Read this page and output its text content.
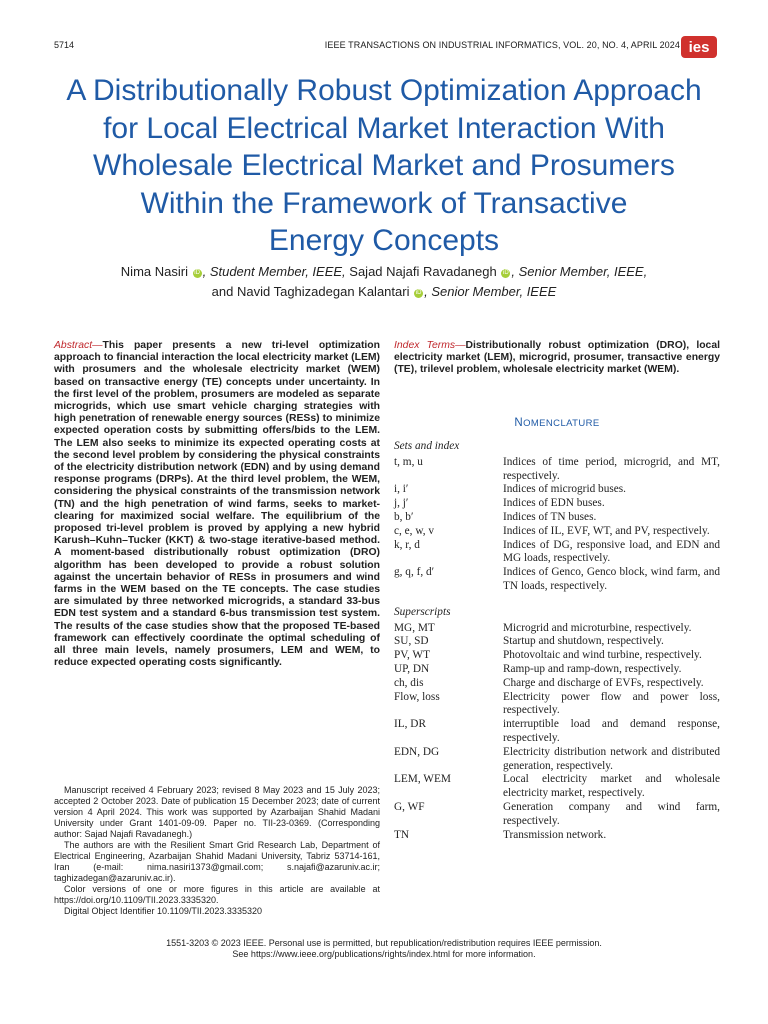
5714	IEEE TRANSACTIONS ON INDUSTRIAL INFORMATICS, VOL. 20, NO. 4, APRIL 2024 ies
A Distributionally Robust Optimization Approach
for Local Electrical Market Interaction With
Wholesale Electrical Market and Prosumers
Within the Framework of Transactive
Energy Concepts
Nima Nasiri iD , Student Member, IEEE, Sajad Najafi Ravadanegh iD , Senior Member, IEEE,
and Navid Taghizadegan Kalantari iD , Senior Member, IEEE
Abstract—This paper presents a new tri-level optimization approach to financial interaction the local electricity market (LEM) with prosumers and the wholesale electricity market (WEM) based on transactive energy (TE) concepts under uncertainty. In the first level of the problem, prosumers are modeled as separate microgrids, which use smart vehicle charging strategies with high penetration of renewable energy sources (RESs) to minimize expected operation costs by submitting offers/bids to the LEM. The LEM also seeks to minimize its expected operating costs at the second level problem by considering the physical constraints of the electricity distribution network (EDN) and by using demand response programs (DRPs). At the third level problem, the WEM, considering the physical constraints of the transmission network (TN) and the high penetration of wind farms, seeks to market-clearing for maximized social welfare. The equilibrium of the proposed tri-level problem is proved by applying a new hybrid Karush–Kuhn–Tucker (KKT) & two-stage iterative-based method. A moment-based distributionally robust optimization (DRO) algorithm has been developed to provide a robust solution against the uncertain behavior of RESs in prosumers and wind farms in the WEM based on the TE concepts. The case studies are simulated by three networked microgrids, a standard 33-bus EDN test system and a standard 6-bus transmission test system. The results of the case studies show that the proposed TE-based framework can effectively coordinate the optimal scheduling of all three main levels, namely prosumers, LEM and WEM, to reduce expected operating costs significantly.

Manuscript received 4 February 2023; revised 8 May 2023 and 15 July 2023; accepted 2 October 2023. Date of publication 15 December 2023; date of current version 4 April 2024. This work was supported by Azarbaijan Shahid Madani University under Grant 1401-09-09. Paper no. TII-23-0369. (Corresponding author: Sajad Najafi Ravadanegh.)

The authors are with the Resilient Smart Grid Research Lab, Department of Electrical Engineering, Azarbaijan Shahid Madani University, Tabriz 53714-161, Iran (e-mail: nima.nasiri1373@gmail.com; s.najafi@azaruniv.ac.ir; taghizadegan@azaruniv.ac.ir).

Color versions of one or more figures in this article are available at https://doi.org/10.1109/TII.2023.3335320.

Digital Object Identifier 10.1109/TII.2023.3335320

Index Terms—Distributionally robust optimization (DRO), local electricity market (LEM), microgrid, prosumer, transactive energy (TE), trilevel problem, wholesale electricity market (WEM).
NOMENCLATURE
Sets and index
t, m, u	Indices of time period, microgrid, and MT, respectively.
i, i′	Indices of microgrid buses.
j, j′	Indices of EDN buses.
b, b′	Indices of TN buses.
c, e, w, v	Indices of IL, EVF, WT, and PV, respectively.
k, r, d	Indices of DG, responsive load, and EDN and MG loads, respectively.
g, q, f, d′	Indices of Genco, Genco block, wind farm, and TN loads, respectively.
Superscripts
MG, MT	Microgrid and microturbine, respectively.
SU, SD	Startup and shutdown, respectively.
PV, WT	Photovoltaic and wind turbine, respectively.
UP, DN	Ramp-up and ramp-down, respectively.
ch, dis	Charge and discharge of EVFs, respectively.
Flow, loss	Electricity power flow and power loss, respectively.
IL, DR	interruptible load and demand response, respectively.
EDN, DG	Electricity distribution network and distributed generation, respectively.
LEM, WEM	Local electricity market and wholesale electricity market, respectively.
G, WF	Generation company and wind farm, respectively.
TN	Transmission network.
1551-3203 © 2023 IEEE. Personal use is permitted, but republication/redistribution requires IEEE permission.
See https://www.ieee.org/publications/rights/index.html for more information.
